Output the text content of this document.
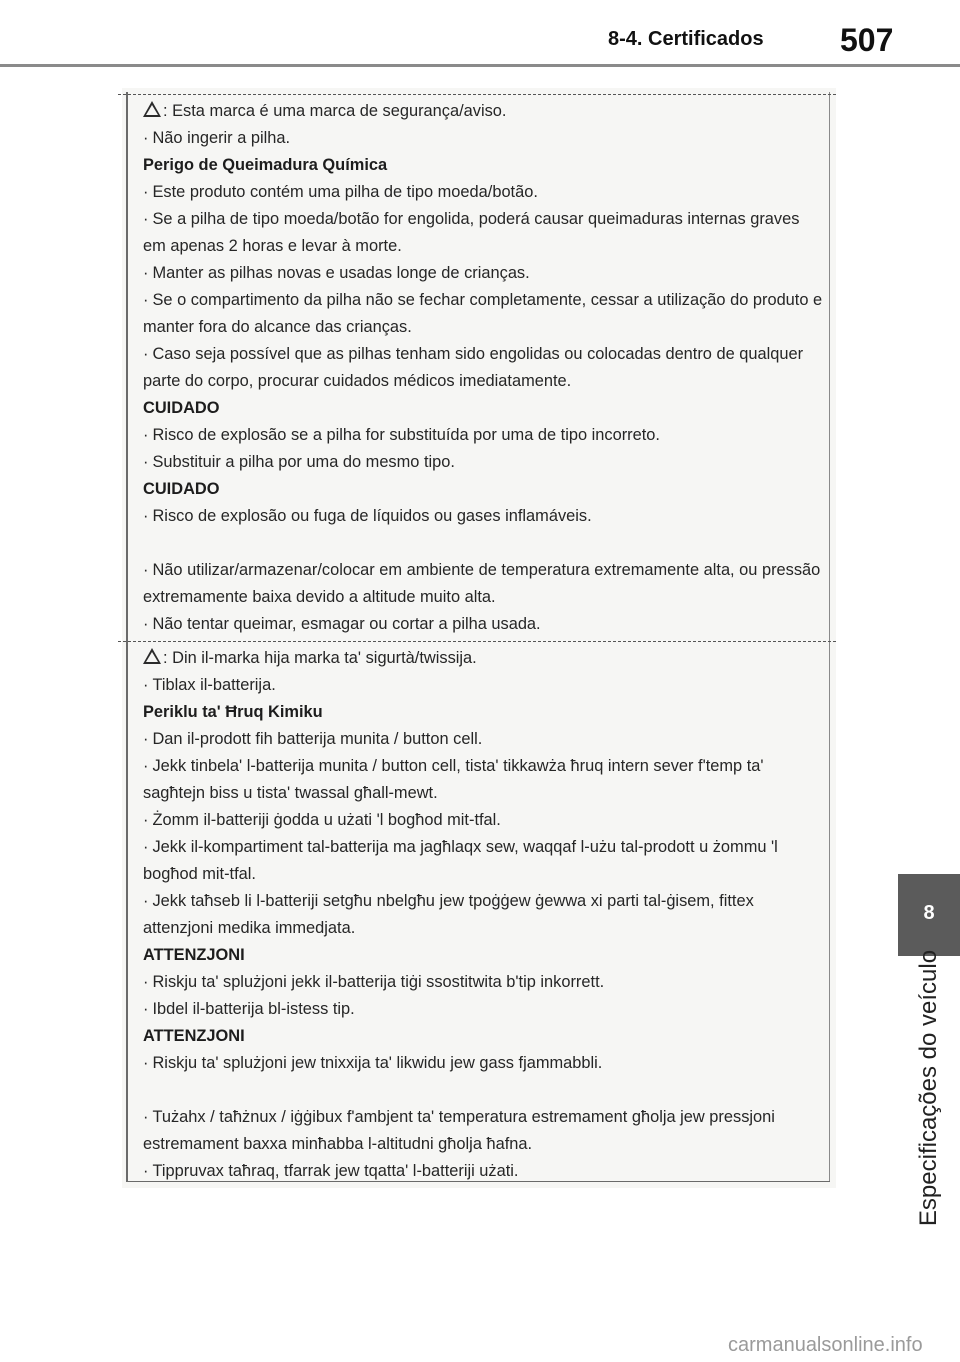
8-4. Certificados 507
8
Especificações do veículo

: Esta marca é uma marca de segurança/aviso.

· Não ingerir a pilha.

Perigo de Queimadura Química

· Este produto contém uma pilha de tipo moeda/botão.

· Se a pilha de tipo moeda/botão for engolida, poderá causar queimaduras internas graves em apenas 2 horas e levar à morte.

· Manter as pilhas novas e usadas longe de crianças.

· Se o compartimento da pilha não se fechar completamente, cessar a utilização do produto e manter fora do alcance das crianças.

· Caso seja possível que as pilhas tenham sido engolidas ou colocadas dentro de qualquer parte do corpo, procurar cuidados médicos imediatamente.

CUIDADO

· Risco de explosão se a pilha for substituída por uma de tipo incorreto.

· Substituir a pilha por uma do mesmo tipo.

CUIDADO

· Risco de explosão ou fuga de líquidos ou gases inflamáveis.

· Não utilizar/armazenar/colocar em ambiente de temperatura extremamente alta, ou pressão extremamente baixa devido a altitude muito alta.

· Não tentar queimar, esmagar ou cortar a pilha usada.

: Din il-marka hija marka ta' sigurtà/twissija.

· Tiblax il-batterija.

Periklu ta' Ħruq Kimiku

· Dan il-prodott fih batterija munita / button cell.

· Jekk tinbela' l-batterija munita / button cell, tista' tikkawża ħruq intern sever f'temp ta' sagħtejn biss u tista' twassal għall-mewt.

· Żomm il-batteriji ġodda u użati 'l bogħod mit-tfal.

· Jekk il-kompartiment tal-batterija ma jagħlaqx sew, waqqaf l-użu tal-prodott u żommu 'l bogħod mit-tfal.

· Jekk taħseb li l-batteriji setgħu nbelgħu jew tpoġġew ġewwa xi parti tal-ġisem, fittex attenzjoni medika immedjata.

ATTENZJONI

· Riskju ta' splużjoni jekk il-batterija tiġi ssostitwita b'tip inkorrett.

· Ibdel il-batterija bl-istess tip.

ATTENZJONI

· Riskju ta' splużjoni jew tnixxija ta' likwidu jew gass fjammabbli.

· Tużahx / taħżnux / iġġibux f'ambjent ta' temperatura estremament għolja jew pressjoni estremament baxxa minħabba l-altitudni għolja ħafna.

· Tippruvax taħraq, tfarrak jew tqatta' l-batteriji użati.

carmanualsonline.info
